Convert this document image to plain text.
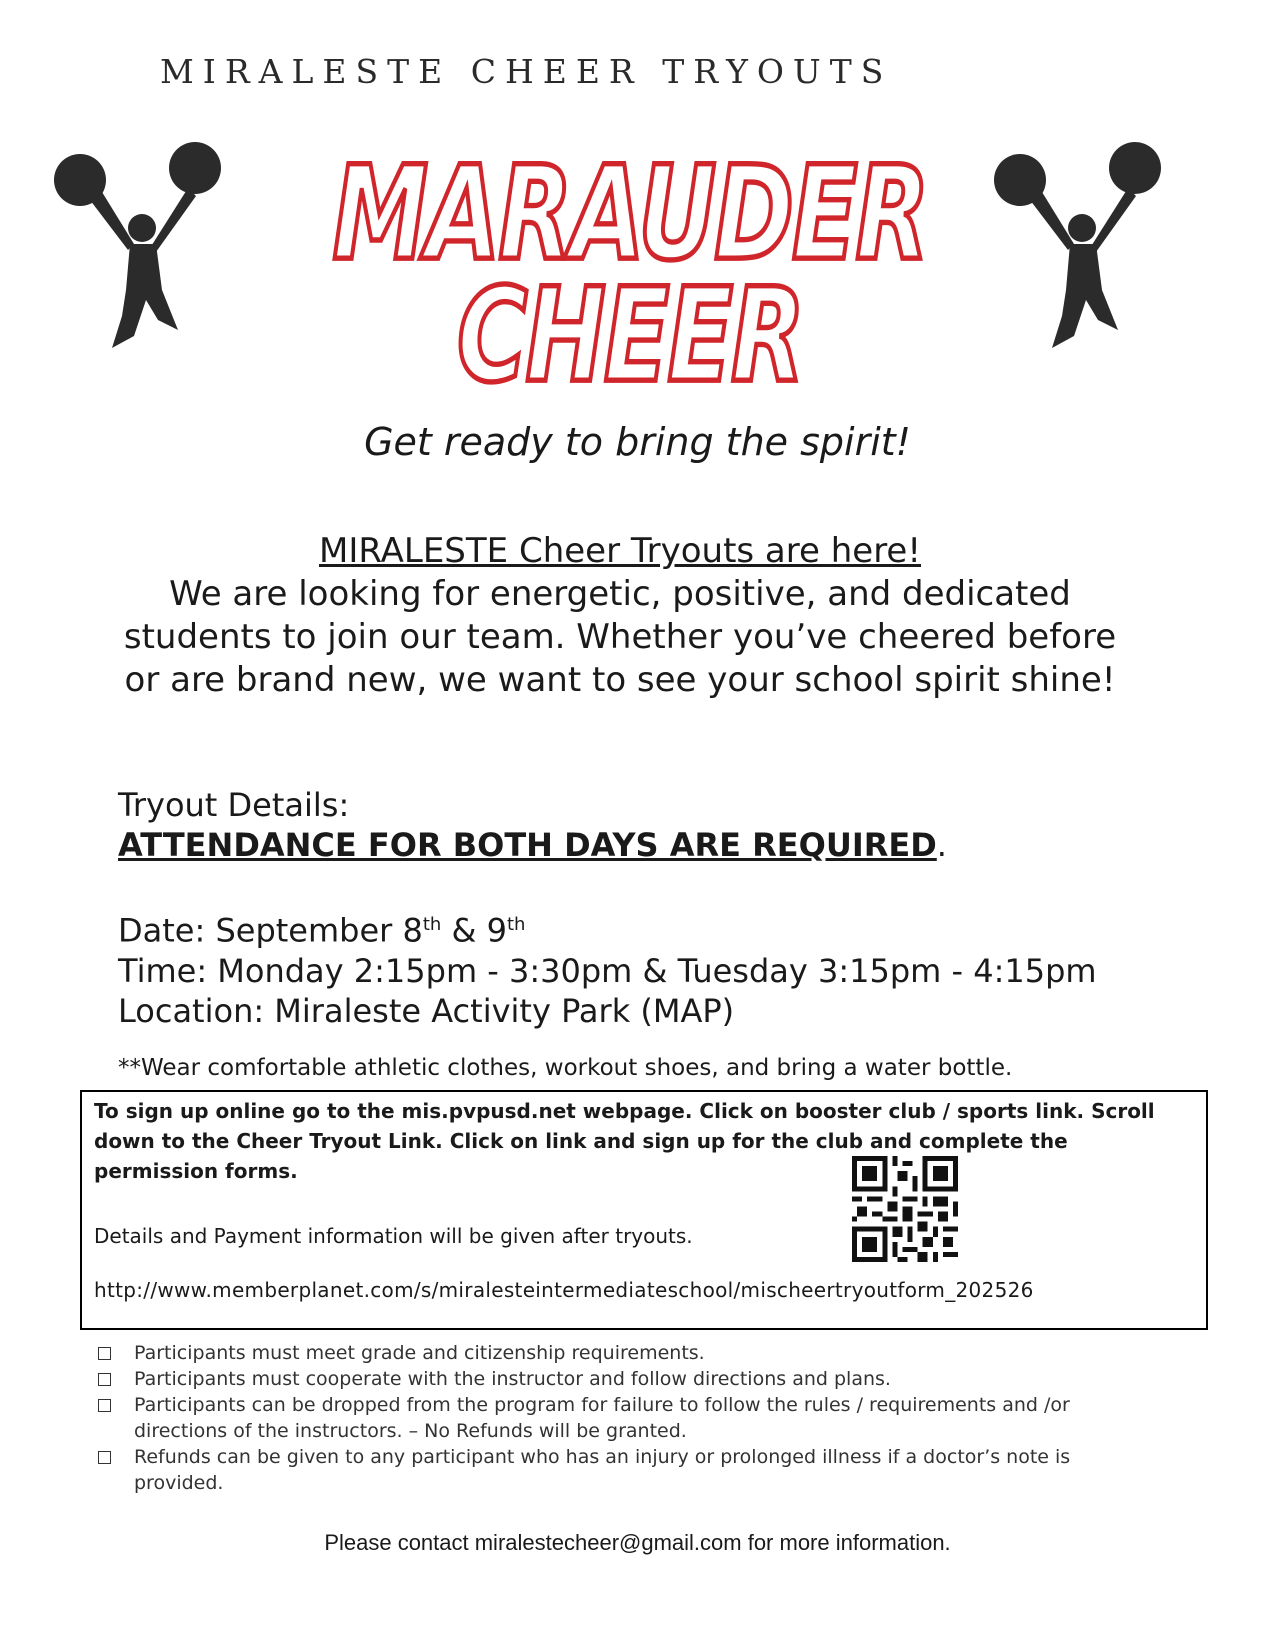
MIRALESTE CHEER TRYOUTS
MARAUDER
CHEER
Get ready to bring the spirit!
MIRALESTE Cheer Tryouts are here!
We are looking for energetic, positive, and dedicated students to join our team. Whether you’ve cheered before or are brand new, we want to see your school spirit shine!
Tryout Details:
ATTENDANCE FOR BOTH DAYS ARE REQUIRED.
Date: September 8th & 9th
Time: Monday 2:15pm - 3:30pm & Tuesday 3:15pm - 4:15pm
Location: Miraleste Activity Park (MAP)
**Wear comfortable athletic clothes, workout shoes, and bring a water bottle.
To sign up online go to the mis.pvpusd.net webpage. Click on booster club / sports link. Scroll down to the Cheer Tryout Link. Click on link and sign up for the club and complete the permission forms.
Details and Payment information will be given after tryouts.
http://www.memberplanet.com/s/miralesteintermediateschool/mischeertryoutform_202526
Participants must meet grade and citizenship requirements.
Participants must cooperate with the instructor and follow directions and plans.
Participants can be dropped from the program for failure to follow the rules / requirements and /or directions of the instructors. – No Refunds will be granted.
Refunds can be given to any participant who has an injury or prolonged illness if a doctor’s note is provided.
Please contact miralestecheer@gmail.com for more information.
